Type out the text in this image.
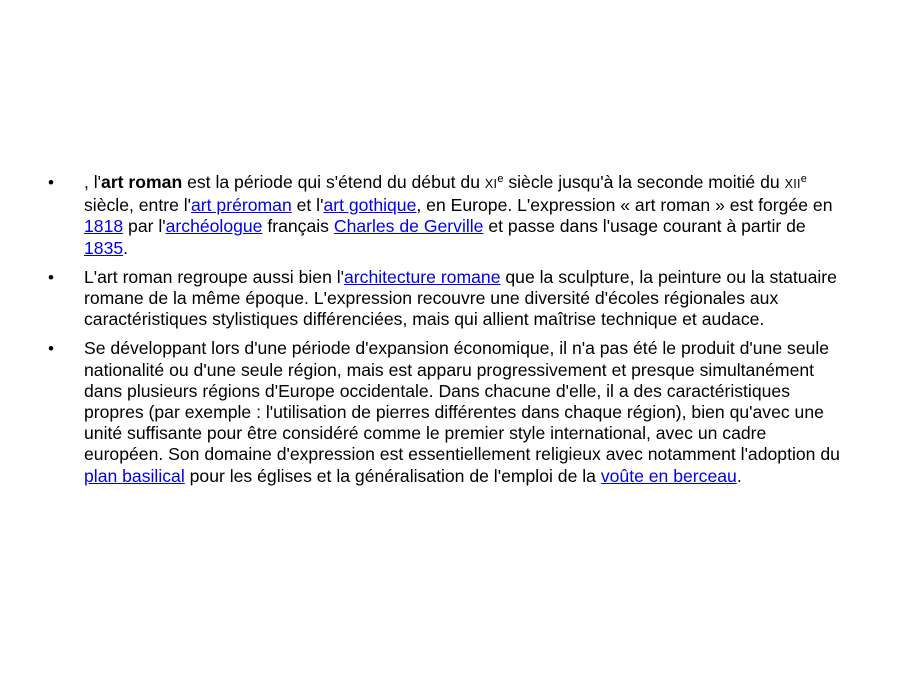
•	, l'art roman est la période qui s'étend du début du XIe siècle jusqu'à la seconde moitié du XIIe siècle, entre l'art préroman et l'art gothique, en Europe. L'expression « art roman » est forgée en 1818 par l'archéologue français Charles de Gerville et passe dans l'usage courant à partir de 1835.
•	L'art roman regroupe aussi bien l'architecture romane que la sculpture, la peinture ou la statuaire romane de la même époque. L'expression recouvre une diversité d'écoles régionales aux caractéristiques stylistiques différenciées, mais qui allient maîtrise technique et audace.
•	Se développant lors d'une période d'expansion économique, il n'a pas été le produit d'une seule nationalité ou d'une seule région, mais est apparu progressivement et presque simultanément dans plusieurs régions d'Europe occidentale. Dans chacune d'elle, il a des caractéristiques propres (par exemple : l'utilisation de pierres différentes dans chaque région), bien qu'avec une unité suffisante pour être considéré comme le premier style international, avec un cadre européen. Son domaine d'expression est essentiellement religieux avec notamment l'adoption du plan basilical pour les églises et la généralisation de l'emploi de la voûte en berceau.
